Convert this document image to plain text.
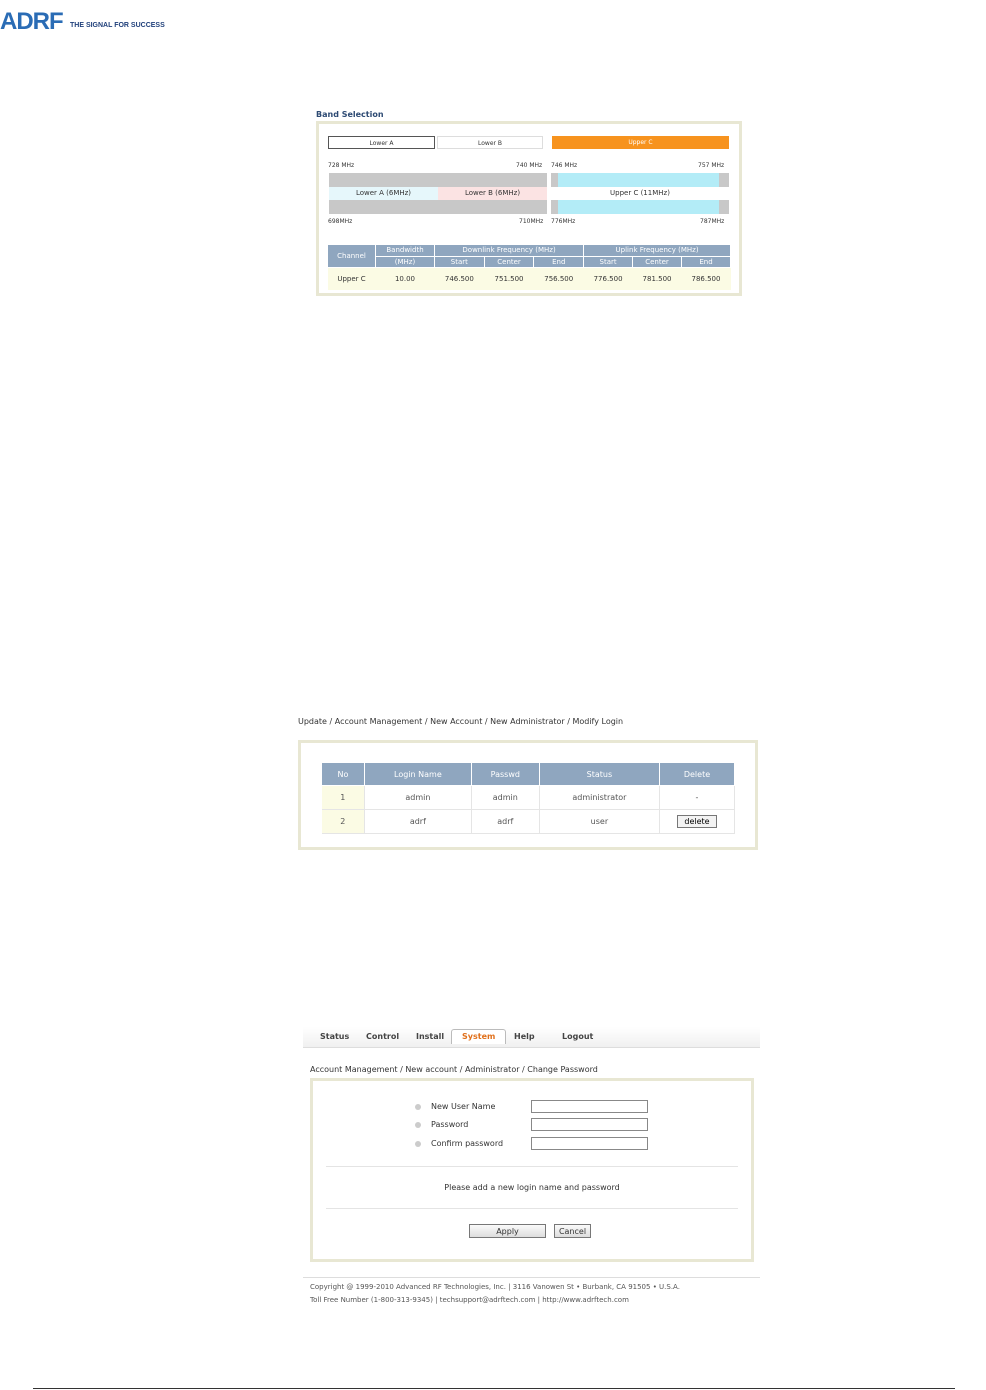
ADRF THE SIGNAL FOR SUCCESS
Band Selection
Lower A	Lower B	Upper C
728 MHz	740 MHz 746 MHz	757 MHz
Lower A (6MHz)	Lower B (6MHz)	Upper C (11MHz)
698MHz	710MHz 776MHz	787MHz
Channel	Bandwidth	Downlink Frequency (MHz)			Uplink Frequency (MHz)		
	(MHz)	Start	Center	End	Start	Center	End
Upper C	10.00	746.500	751.500	756.500	776.500	781.500	786.500
Update / Account Management / New Account / New Administrator / Modify Login
No	Login Name	Passwd	Status	Delete
1	admin	admin	administrator	-
2	adrf	adrf	user	delete
Status Control Install	System	Help	Logout
Account Management / New account / Administrator / Change Password
New User Name
Password
Confirm password
Please add a new login name and password
Apply	Cancel
Copyright @ 1999-2010 Advanced RF Technologies, Inc. | 3116 Vanowen St • Burbank, CA 91505 • U.S.A.
Toll Free Number (1-800-313-9345) | techsupport@adrftech.com | http://www.adrftech.com
